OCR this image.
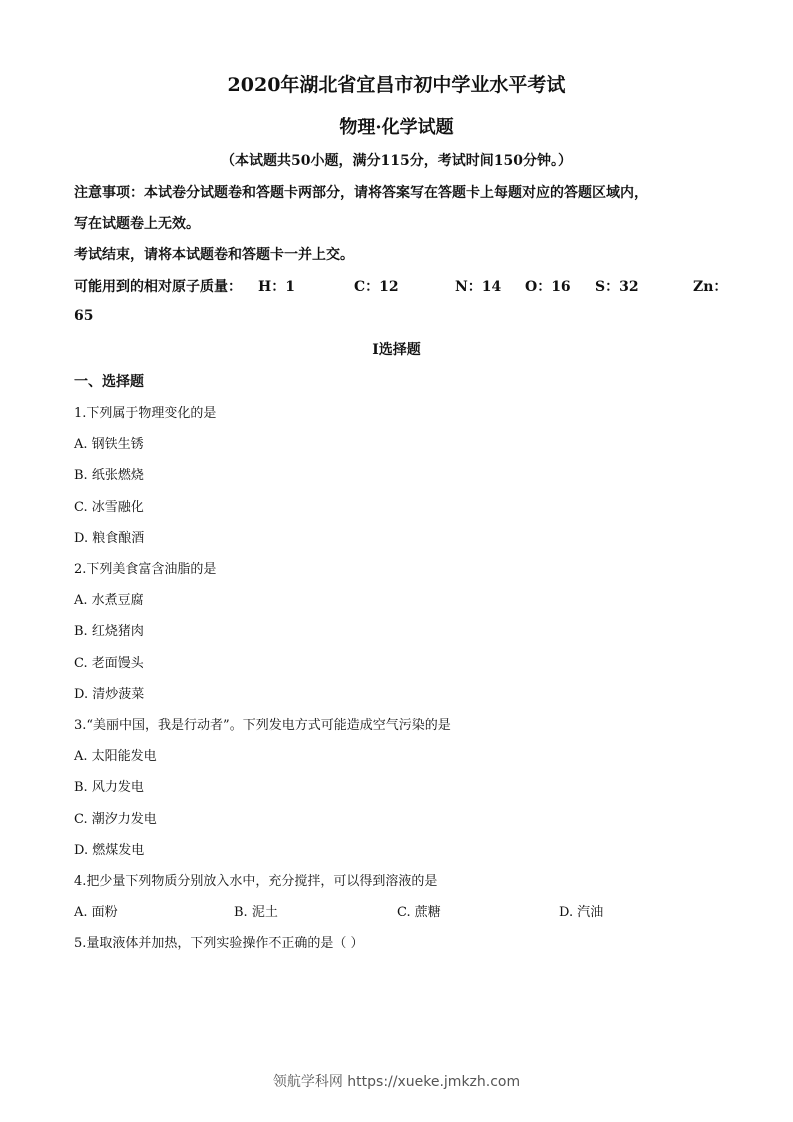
2020年湖北省宜昌市初中学业水平考试
物理·化学试题
（本试题共50小题，满分115分，考试时间150分钟。）
注意事项：本试卷分试题卷和答题卡两部分，请将答案写在答题卡上每题对应的答题区域内，
写在试题卷上无效。
考试结束，请将本试题卷和答题卡一并上交。
可能用到的相对原子质量： H：1	C：12	N：14 O：16 S：32	Zn：
65
I选择题
一、选择题
1.下列属于物理变化的是
A. 钢铁生锈
B. 纸张燃烧
C. 冰雪融化
D. 粮食酿酒
2.下列美食富含油脂的是
A. 水煮豆腐
B. 红烧猪肉
C. 老面馒头
D. 清炒菠菜
3.“美丽中国，我是行动者”。下列发电方式可能造成空气污染的是
A. 太阳能发电
B. 风力发电
C. 潮汐力发电
D. 燃煤发电
4.把少量下列物质分别放入水中，充分搅拌，可以得到溶液的是
A. 面粉	B. 泥土	C. 蔗糖	D. 汽油
5.量取液体并加热，下列实验操作不正确的是（ ）
领航学科网 https://xueke.jmkzh.com
